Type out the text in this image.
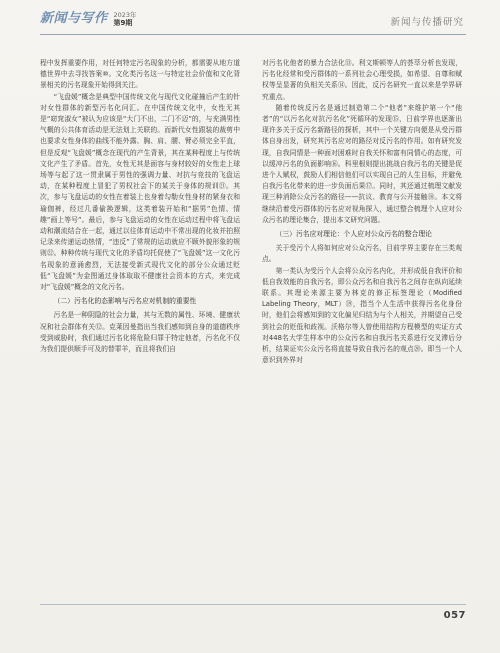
新闻与写作 2023年
第9期	新闻与传播研究

程中发挥重要作用，对任何特定污名现象的分析，都需要从地方道德世界中去寻找答案⑩。文化类污名这一与特定社会价值和文化背景相关的污名现象开始得到关注。

“飞盘媛”概念是典型中国传统文化与现代文化碰撞后产生的针对女性群体的新型污名化问汇。在中国传统文化中，女性无其是“窈窕淑女”被认为应该是“大门不出，二门不迈”的，与充满男性气概的公共体育活动是无法划上关联的。而新代女性跟装的裁剪中也要求女性身体的曲线不能外露、胸、肩、腰、臂必须完全平直，但是反观“飞盘媛”概念在现代的产生背景，其在某种程度上与传统文化产生了矛盾。首先，女性无其是面容与身材较好的女性走上球场等与起了这一贯隶属于男性的强调力量、对抗与竞技的飞盘运动，在某种程度上冒犯了男权社会下的某关于身体的规训㉑。其次，参与飞盘运动的女性在着装上也身着勾勒女性身材的紧身衣和瑜伽裤，经过几番偷换逻辑，这类着装开始和“据男”色情、情趣“画上等号”。最后，参与飞盘运动的女性在运动过程中将飞盘运动和潮流结合在一起，通过以往体育运动中不常出现的化妆并拍照记录来传递运动热情，“违反”了常规的运动就应不顾外貌形象的规则㉒。种种传统与现代文化的矛盾均托促使了“飞盘媛”这一文化污名现象的意涌愈烈，无法接受新式现代文化的部分公众通过贬低“飞盘媛”为金图通过身体取取不健康社会资本的方式，来完成对“飞盘媛”概念的文化污名。

（二）污名化的态影响与污名应对机制的重要性

污名是一种阴隐的社会力量，其与无数的属性、环境、健康状况和社会群体有关⑫。克莱因曼指出当我们感知到自身的道德秩序受到威胁时，我们通过污名化将危险归罪于特定他者，污名化不仅为我们提供顺手可及的替罪羊，而且将我们自

对污名化他者的暴力合法化⑬。利文斯顿等人的荟萃分析也发现，污名化经常和受污群体的一系列社会心理受损，如希望、自尊和赋权等呈显著的负相关关系⑭。因此，反污名研究一直以来是学界研究重点。

随着传统反污名是通过制造第二个“他者”来维护第一个“他者”的“以污名化对抗污名化”死循环的发现⑮，日前学界也逐渐出现许多关于反污名新路径的探析，其中一个关键方向便是从受污群体自身出发，研究其污名应对的路径对反污名的作用。如有研究发现，自我同情是一种面对困难时自我关怀和富有同情心的态度，可以缓冲污名的负面影响⑯。科里根则提出挑战自我污名的关键是促进个人赋权，鼓励人们相信他们可以实现自己的人生目标，并避免自我污名化带来的进一步负面后果⑰。同时，其还通过梳理文献发现三种消除公众污名的路径——抗议、教育与公开接触⑱。本文将继续沿着受污群体的污名应对视角探入，通过整合梳理个人应对公众污名的理论集合，提出本文研究问题。

（三）污名应对理论：个人应对公众污名的整合理论

关于受污个人将如何应对公众污名，目前学界主要存在三类观点。

第一类认为受污个人会将公众污名内化，并形成低自我评价和低自我效能的自我污名，即公众污名和自我污名之间存在纵向延续联系。其理论来源主要为林克的修正标签理论（Modified Labeling Theory，MLT）⑲，指当个人生活中获得污名化身份时，他们会将感知到的文化偏见归结为与个人相关，并期望自己受到社会的贬低和歧视。沃格尔等人曾使用结构方程模型的实证方式对448名大学生样本中的公众污名和自我污名关系进行交叉滞后分析，结果证实公众污名将直接导致自我污名的观点⑳。即当一个人意识到外界对

057
